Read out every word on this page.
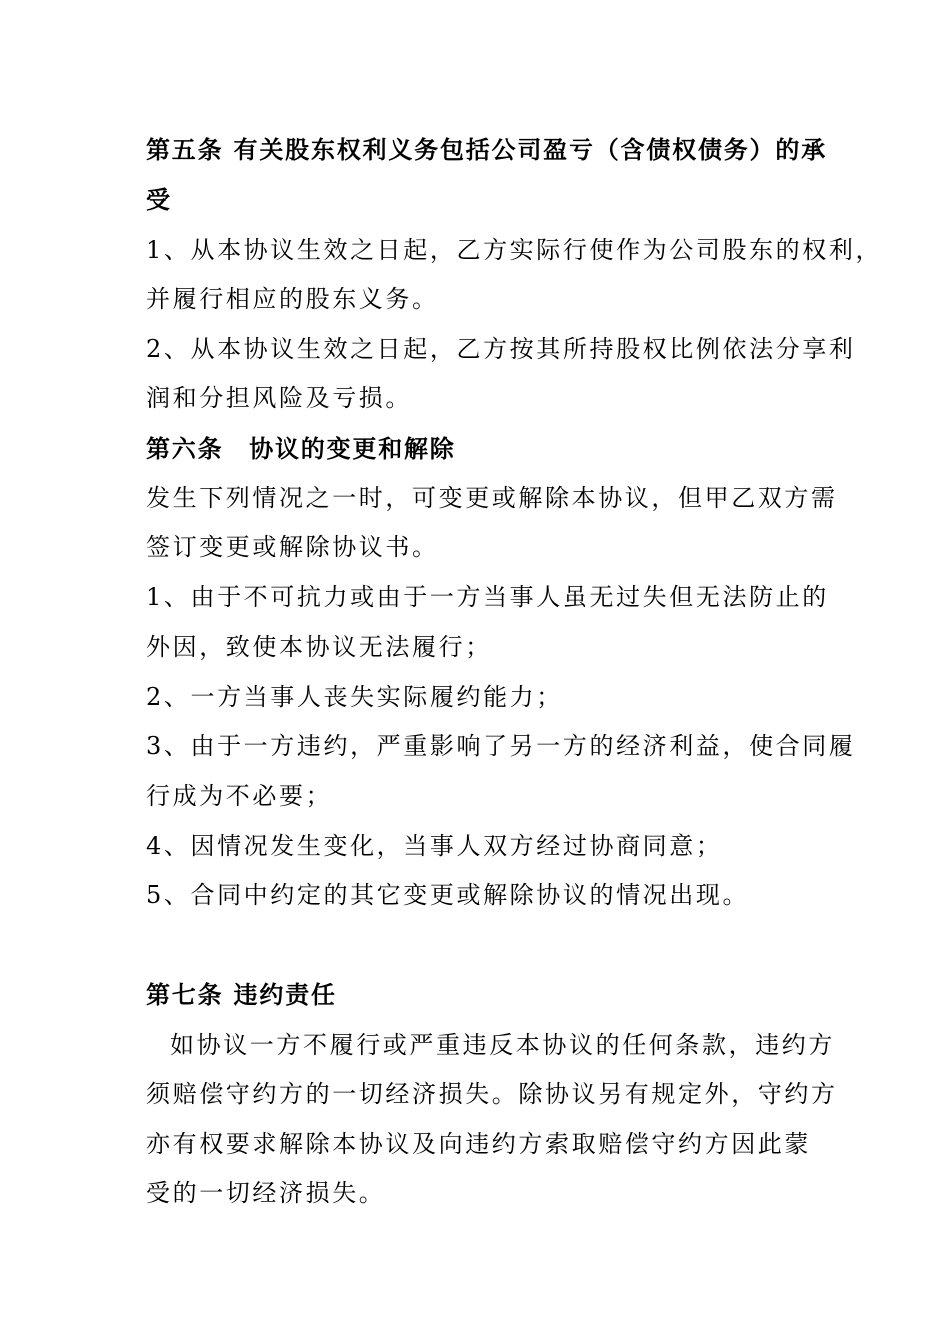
第五条 有关股东权利义务包括公司盈亏（含债权债务）的承

受

1、从本协议生效之日起，乙方实际行使作为公司股东的权利，

并履行相应的股东义务。

2、从本协议生效之日起，乙方按其所持股权比例依法分享利

润和分担风险及亏损。

第六条　协议的变更和解除

发生下列情况之一时，可变更或解除本协议，但甲乙双方需

签订变更或解除协议书。

1、由于不可抗力或由于一方当事人虽无过失但无法防止的

外因，致使本协议无法履行；

2、一方当事人丧失实际履约能力；

3、由于一方违约，严重影响了另一方的经济利益，使合同履

行成为不必要；

4、因情况发生变化，当事人双方经过协商同意；

5、合同中约定的其它变更或解除协议的情况出现。

第七条 违约责任

如协议一方不履行或严重违反本协议的任何条款，违约方

须赔偿守约方的一切经济损失。除协议另有规定外，守约方

亦有权要求解除本协议及向违约方索取赔偿守约方因此蒙

受的一切经济损失。
